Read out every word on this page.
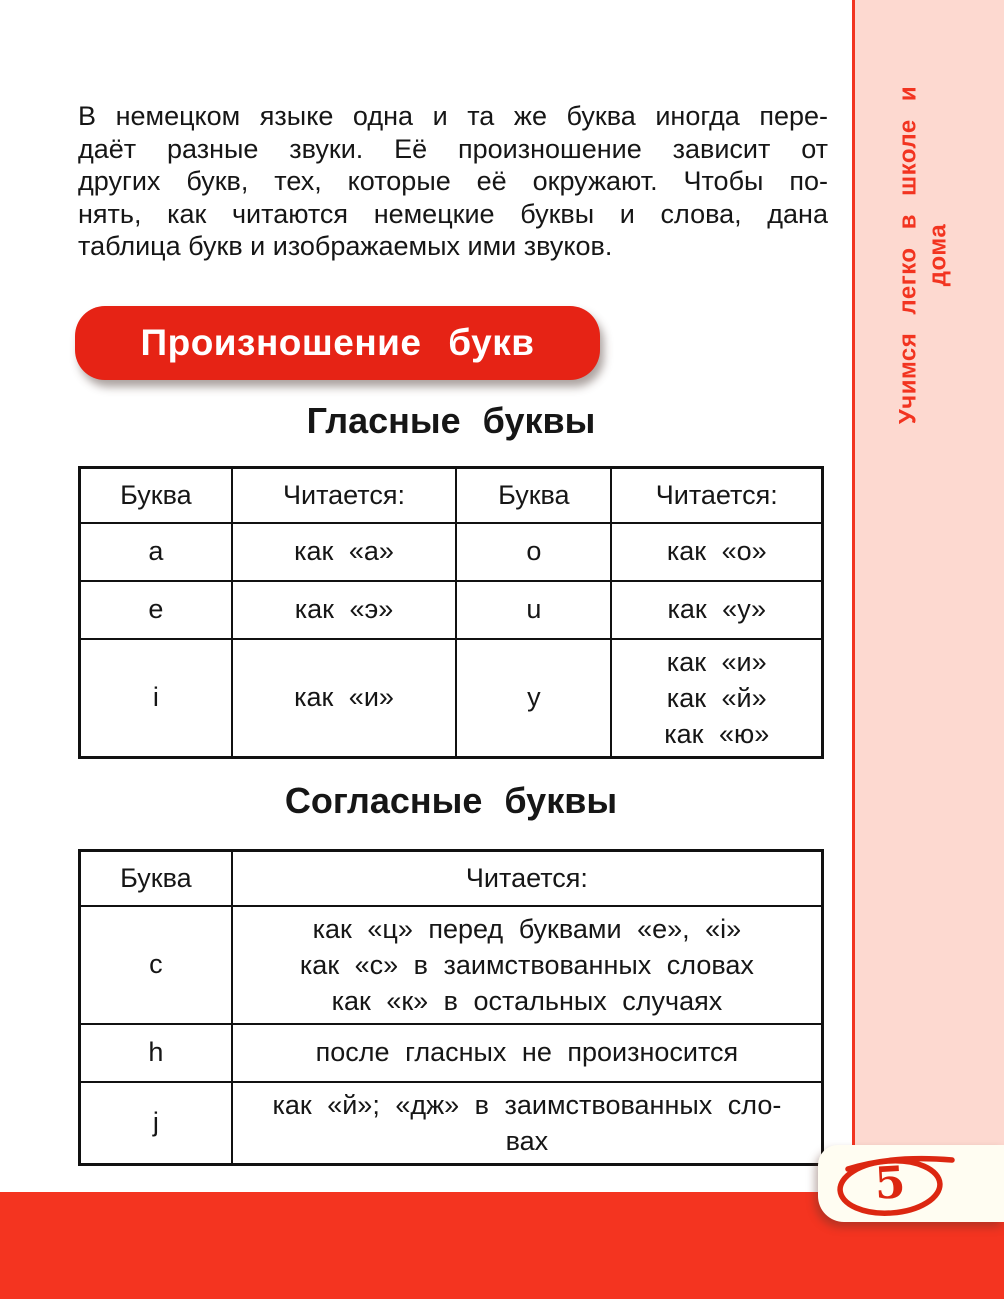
Учимся легко в школе и дома
В немецком языке одна и та же буква иногда пере-
даёт разные звуки. Её произношение зависит от
других букв, тех, которые её окружают. Чтобы по-
нять, как читаются немецкие буквы и слова, дана
таблица букв и изображаемых ими звуков.
Произношение букв
Гласные буквы
Буква	Читается:	Буква	Читается:
a	как «а»	o	как «о»
e	как «э»	u	как «у»
i	как «и»	y	как «и»
как «й»
как «ю»
Согласные буквы
Буква	Читается:
c	как «ц» перед буквами «e», «i»
как «с» в заимствованных словах
как «к» в остальных случаях

h	после гласных не произносится
j	как «й»; «дж» в заимствованных сло-
вах
5
